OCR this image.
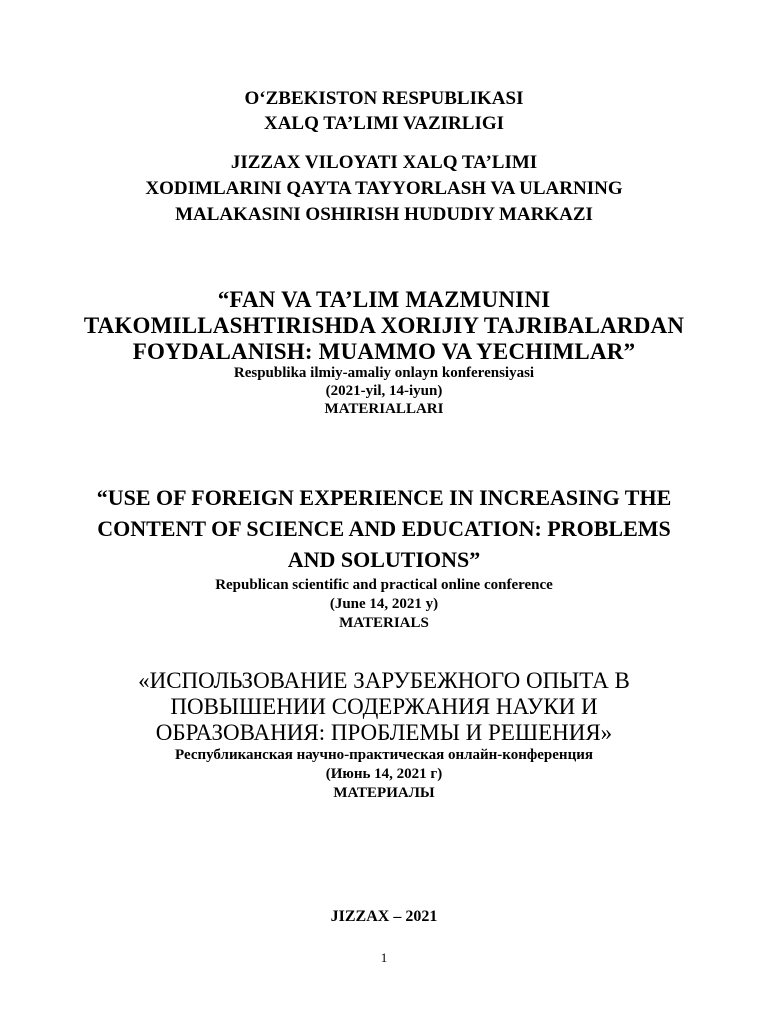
O‘ZBEKISTON RESPUBLIKASI
XALQ TA’LIMI VAZIRLIGI
JIZZAX VILOYATI XALQ TA’LIMI
XODIMLARINI QAYTA TAYYORLASH VA ULARNING
MALAKASINI OSHIRISH HUDUDIY MARKAZI
“FAN VA TA’LIM MAZMUNINI
TAKOMILLASHTIRISHDA XORIJIY TAJRIBALARDAN
FOYDALANISH: MUAMMO VA YECHIMLAR”
Respublika ilmiy-amaliy onlayn konferensiyasi
(2021-yil, 14-iyun)
MATERIALLARI
“USE OF FOREIGN EXPERIENCE IN INCREASING THE
CONTENT OF SCIENCE AND EDUCATION: PROBLEMS
AND SOLUTIONS”
Republican scientific and practical online conference
(June 14, 2021 y)
MATERIALS
«ИСПОЛЬЗОВАНИЕ ЗАРУБЕЖНОГО ОПЫТА В
ПОВЫШЕНИИ СОДЕРЖАНИЯ НАУКИ И
ОБРАЗОВАНИЯ: ПРОБЛЕМЫ И РЕШЕНИЯ»
Республиканская научно-практическая онлайн-конференция
(Июнь 14, 2021 г)
МАТЕРИАЛЫ
JIZZAX – 2021
1
